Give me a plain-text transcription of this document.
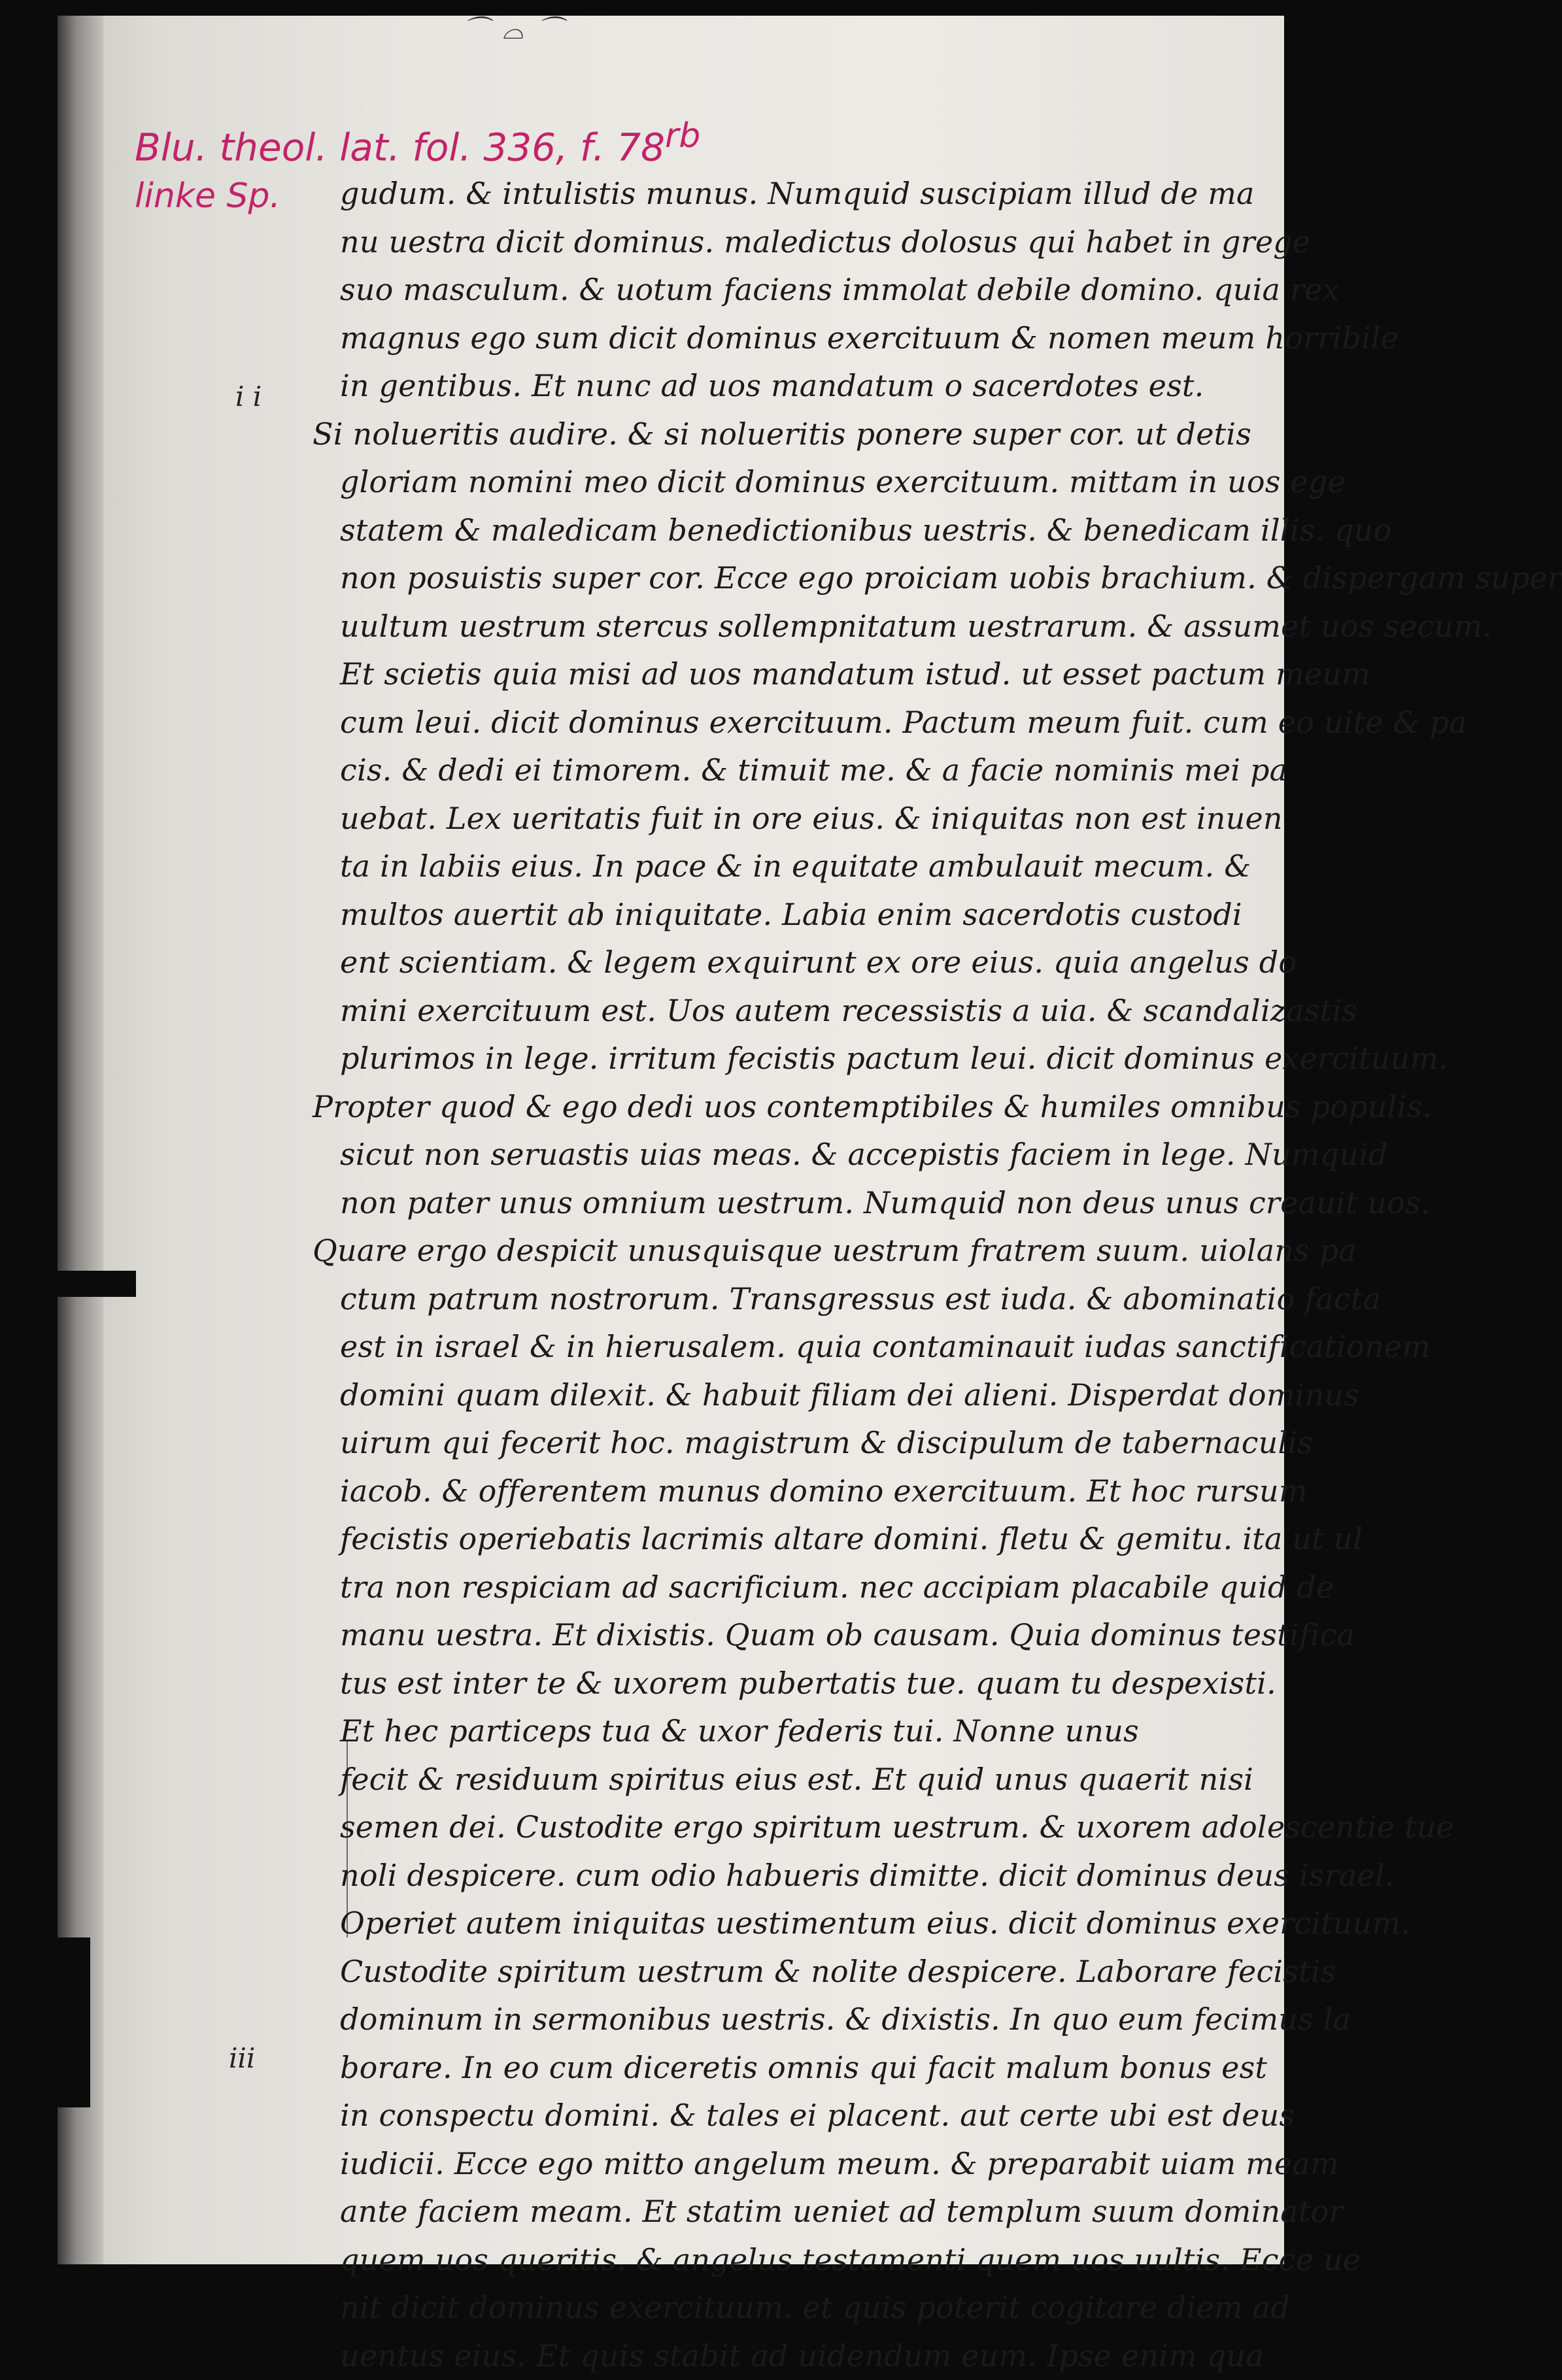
⌒ ⌓ ⌒
Blu. theol. lat. fol. 336, f. $78^{rb}$
linke Sp.
i i
iii
gudum. & intulistis munus. Numquid suscipiam illud de ma
nu uestra dicit dominus. maledictus dolosus qui habet in grege
suo masculum. & uotum faciens immolat debile domino. quia rex
magnus ego sum dicit dominus exercituum & nomen meum horribile
in gentibus. Et nunc ad uos mandatum o sacerdotes est.
Si nolueritis audire. & si nolueritis ponere super cor. ut detis
gloriam nomini meo dicit dominus exercituum. mittam in uos ege
statem & maledicam benedictionibus uestris. & benedicam illis. quo
non posuistis super cor. Ecce ego proiciam uobis brachium. & dispergam super
uultum uestrum stercus sollempnitatum uestrarum. & assumet uos secum.
Et scietis quia misi ad uos mandatum istud. ut esset pactum meum
cum leui. dicit dominus exercituum. Pactum meum fuit. cum eo uite & pa
cis. & dedi ei timorem. & timuit me. & a facie nominis mei pa
uebat. Lex ueritatis fuit in ore eius. & iniquitas non est inuen
ta in labiis eius. In pace & in equitate ambulauit mecum. &
multos auertit ab iniquitate. Labia enim sacerdotis custodi
ent scientiam. & legem exquirunt ex ore eius. quia angelus do
mini exercituum est. Uos autem recessistis a uia. & scandalizastis
plurimos in lege. irritum fecistis pactum leui. dicit dominus exercituum.
Propter quod & ego dedi uos contemptibiles & humiles omnibus populis.
sicut non seruastis uias meas. & accepistis faciem in lege. Numquid
non pater unus omnium uestrum. Numquid non deus unus creauit uos.
Quare ergo despicit unusquisque uestrum fratrem suum. uiolans pa
ctum patrum nostrorum. Transgressus est iuda. & abominatio facta
est in israel & in hierusalem. quia contaminauit iudas sanctificationem
domini quam dilexit. & habuit filiam dei alieni. Disperdat dominus
uirum qui fecerit hoc. magistrum & discipulum de tabernaculis
iacob. & offerentem munus domino exercituum. Et hoc rursum
fecistis operiebatis lacrimis altare domini. fletu & gemitu. ita ut ul
tra non respiciam ad sacrificium. nec accipiam placabile quid de
manu uestra. Et dixistis. Quam ob causam. Quia dominus testifica
tus est inter te & uxorem pubertatis tue. quam tu despexisti.
Et hec particeps tua & uxor federis tui. Nonne unus
fecit & residuum spiritus eius est. Et quid unus quaerit nisi
semen dei. Custodite ergo spiritum uestrum. & uxorem adolescentie tue
noli despicere. cum odio habueris dimitte. dicit dominus deus israel.
Operiet autem iniquitas uestimentum eius. dicit dominus exercituum.
Custodite spiritum uestrum & nolite despicere. Laborare fecistis
dominum in sermonibus uestris. & dixistis. In quo eum fecimus la
borare. In eo cum diceretis omnis qui facit malum bonus est
in conspectu domini. & tales ei placent. aut certe ubi est deus
iudicii. Ecce ego mitto angelum meum. & preparabit uiam meam
ante faciem meam. Et statim ueniet ad templum suum dominator
quem uos queritis. & angelus testamenti quem uos uultis. Ecce ue
nit dicit dominus exercituum. et quis poterit cogitare diem ad
uentus eius. Et quis stabit ad uidendum eum. Ipse enim qua
